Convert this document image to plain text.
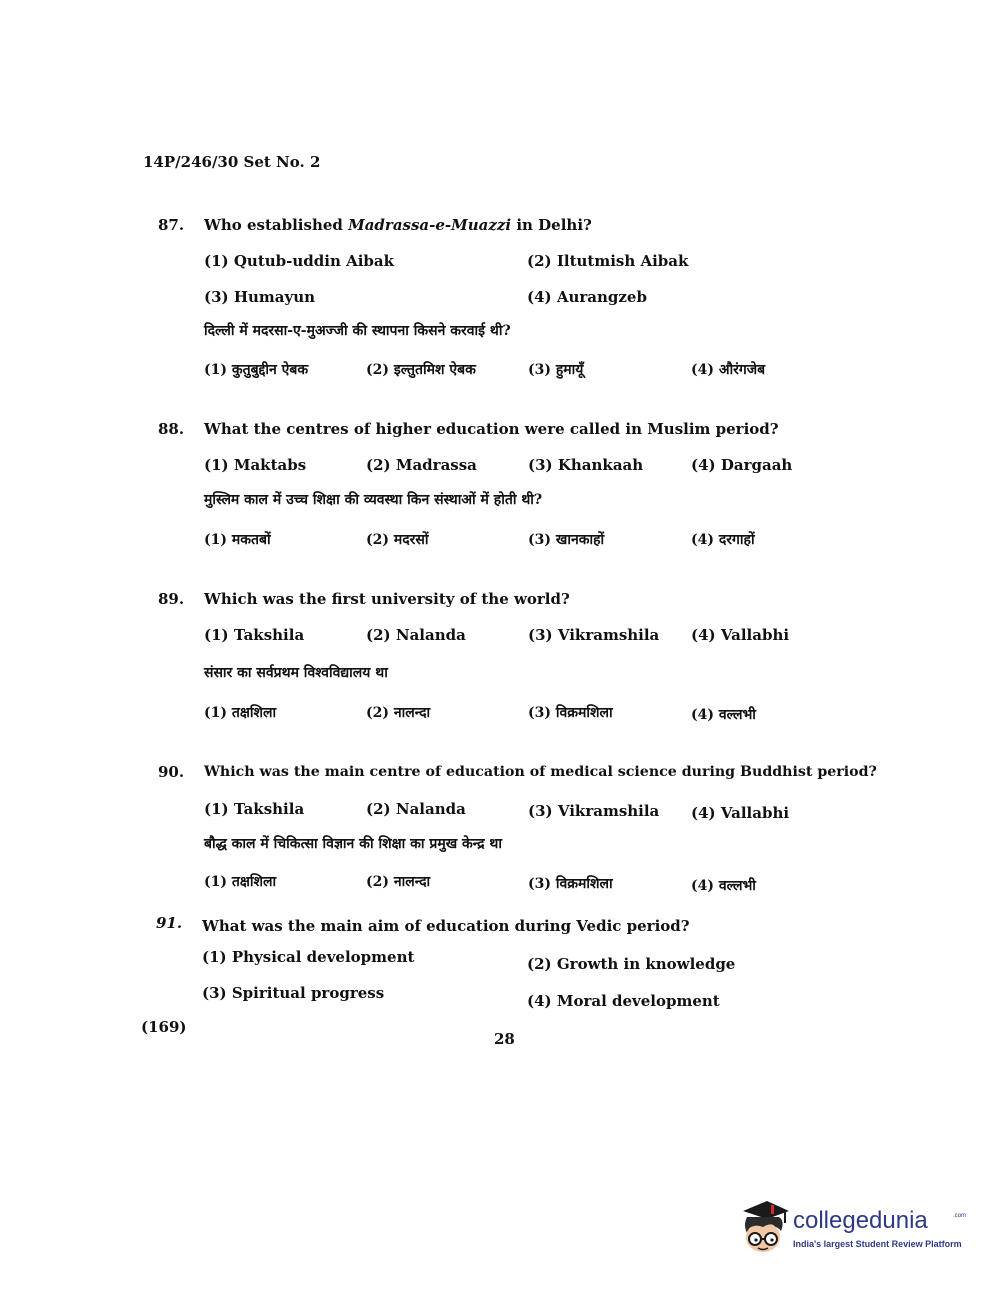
14P/246/30 Set No. 2
87. Who established Madrassa-e-Muazzi in Delhi?
(1) Qutub-uddin Aibak	(2) Iltutmish Aibak
(3) Humayun	(4) Aurangzeb
दिल्ली में मदरसा-ए-मुअज्जी की स्थापना किसने करवाई थी?
(1) कुतुबुद्दीन ऐबक	(2) इल्तुतमिश ऐबक	(3) हुमायूँ	(4) औरंगजेब
88. What the centres of higher education were called in Muslim period?
(1) Maktabs	(2) Madrassa	(3) Khankaah	(4) Dargaah
मुस्लिम काल में उच्च शिक्षा की व्यवस्था किन संस्थाओं में होती थी?
(1) मकतबों	(2) मदरसों	(3) खानकाहों	(4) दरगाहों
89. Which was the first university of the world?
(1) Takshila	(2) Nalanda	(3) Vikramshila (4) Vallabhi
संसार का सर्वप्रथम विश्वविद्यालय था
(1) तक्षशिला	(2) नालन्दा	(3) विक्रमशिला	(4) वल्लभी
90. Which was the main centre of education of medical science during Buddhist period?
(1) Takshila	(2) Nalanda	(3) Vikramshila (4) Vallabhi
बौद्ध काल में चिकित्सा विज्ञान की शिक्षा का प्रमुख केन्द्र था
(1) तक्षशिला	(2) नालन्दा	(3) विक्रमशिला	(4) वल्लभी
91. What was the main aim of education during Vedic period?
(1) Physical development	(2) Growth in knowledge
(3) Spiritual progress	(4) Moral development
(169)
28
collegedunia	.com
India's largest Student Review Platform
